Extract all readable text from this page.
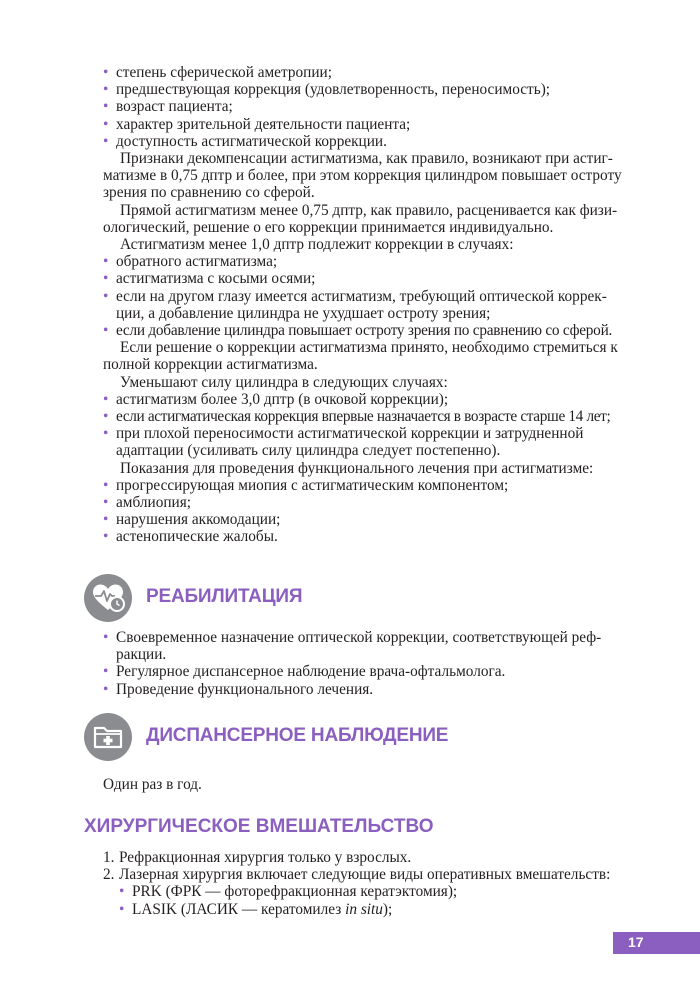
• степень сферической аметропии;
• предшествующая коррекция (удовлетворенность, переносимость);
• возраст пациента;
• характер зрительной деятельности пациента;
• доступность астигматической коррекции.
Признаки декомпенсации астигматизма, как правило, возникают при астиг-
матизме в 0,75 дптр и более, при этом коррекция цилиндром повышает остроту
зрения по сравнению со сферой.
Прямой астигматизм менее 0,75 дптр, как правило, расценивается как физи-
ологический, решение о его коррекции принимается индивидуально.
Астигматизм менее 1,0 дптр подлежит коррекции в случаях:
• обратного астигматизма;
• астигматизма с косыми осями;
• если на другом глазу имеется астигматизм, требующий оптической коррек-
ции, а добавление цилиндра не ухудшает остроту зрения;
• если добавление цилиндра повышает остроту зрения по сравнению со сферой.
Если решение о коррекции астигматизма принято, необходимо стремиться к
полной коррекции астигматизма.
Уменьшают силу цилиндра в следующих случаях:
• астигматизм более 3,0 дптр (в очковой коррекции);
• если астигматическая коррекция впервые назначается в возрасте старше 14 лет;
• при плохой переносимости астигматической коррекции и затрудненной
адаптации (усиливать силу цилиндра следует постепенно).
Показания для проведения функционального лечения при астигматизме:
• прогрессирующая миопия с астигматическим компонентом;
• амблиопия;
• нарушения аккомодации;
• астенопические жалобы.
РЕАБИЛИТАЦИЯ
• Своевременное назначение оптической коррекции, соответствующей реф-
ракции.
• Регулярное диспансерное наблюдение врача-офтальмолога.
• Проведение функционального лечения.
ДИСПАНСЕРНОЕ НАБЛЮДЕНИЕ
Один раз в год.
ХИРУРГИЧЕСКОЕ ВМЕШАТЕЛЬСТВО
1. Рефракционная хирургия только у взрослых.
2. Лазерная хирургия включает следующие виды оперативных вмешательств:
• PRK (ФРК — фоторефракционная кератэктомия);
• LASIK (ЛАСИК — кератомилез in situ);
17
